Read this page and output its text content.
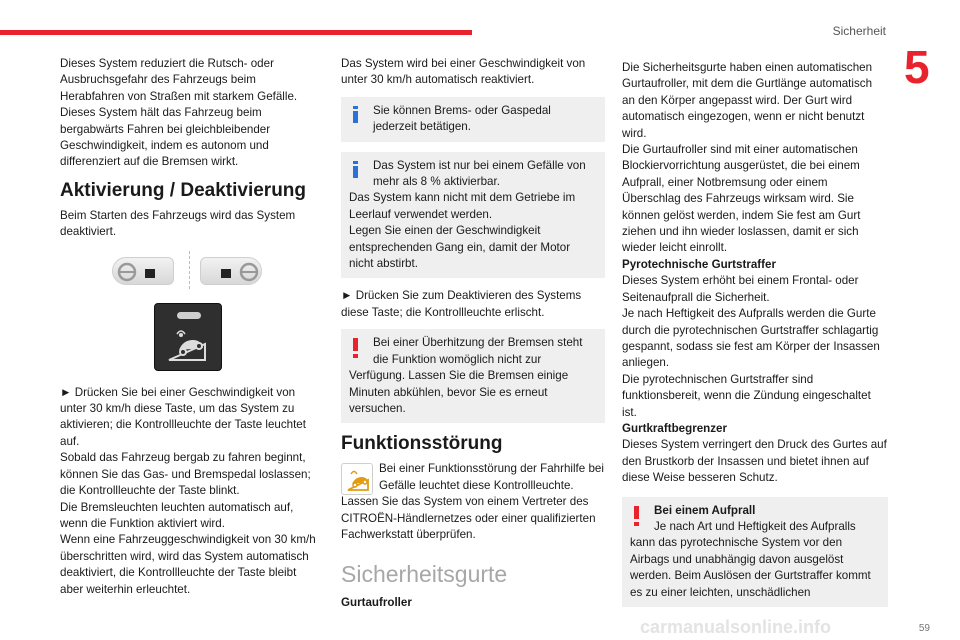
Sicherheit
5

Dieses System reduziert die Rutsch- oder Ausbruchsgefahr des Fahrzeugs beim Herabfahren von Straßen mit starkem Gefälle.

Dieses System hält das Fahrzeug beim bergabwärts Fahren bei gleichbleibender Geschwindigkeit, indem es autonom und differenziert auf die Bremsen wirkt.

Aktivierung / Deaktivierung

Beim Starten des Fahrzeugs wird das System deaktiviert.

► Drücken Sie bei einer Geschwindigkeit von unter 30 km/h diese Taste, um das System zu aktivieren; die Kontrollleuchte der Taste leuchtet auf.

Sobald das Fahrzeug bergab zu fahren beginnt, können Sie das Gas- und Bremspedal loslassen; die Kontrollleuchte der Taste blinkt.

Die Bremsleuchten leuchten automatisch auf, wenn die Funktion aktiviert wird.

Wenn eine Fahrzeuggeschwindigkeit von 30 km/h überschritten wird, wird das System automatisch deaktiviert, die Kontrollleuchte der Taste bleibt aber weiterhin erleuchtet.

Das System wird bei einer Geschwindigkeit von unter 30 km/h automatisch reaktiviert.

Sie können Brems- oder Gaspedal jederzeit betätigen.

Das System ist nur bei einem Gefälle von mehr als 8 % aktivierbar.

Das System kann nicht mit dem Getriebe im Leerlauf verwendet werden.

Legen Sie einen der Geschwindigkeit entsprechenden Gang ein, damit der Motor nicht abstirbt.

► Drücken Sie zum Deaktivieren des Systems diese Taste; die Kontrollleuchte erlischt.

Bei einer Überhitzung der Bremsen steht die Funktion womöglich nicht zur

Verfügung. Lassen Sie die Bremsen einige Minuten abkühlen, bevor Sie es erneut versuchen.

Funktionsstörung

Bei einer Funktionsstörung der Fahrhilfe bei Gefälle leuchtet diese Kontrollleuchte.

Lassen Sie das System von einem Vertreter des CITROËN-Händlernetzes oder einer qualifizierten Fachwerkstatt überprüfen.

Sicherheitsgurte

Gurtaufroller

Die Sicherheitsgurte haben einen automatischen Gurtaufroller, mit dem die Gurtlänge automatisch an den Körper angepasst wird. Der Gurt wird automatisch eingezogen, wenn er nicht benutzt wird.

Die Gurtaufroller sind mit einer automatischen Blockiervorrichtung ausgerüstet, die bei einem Aufprall, einer Notbremsung oder einem Überschlag des Fahrzeugs wirksam wird. Sie können gelöst werden, indem Sie fest am Gurt ziehen und ihn wieder loslassen, damit er sich wieder leicht einrollt.

Pyrotechnische Gurtstraffer

Dieses System erhöht bei einem Frontal- oder Seitenaufprall die Sicherheit.

Je nach Heftigkeit des Aufpralls werden die Gurte durch die pyrotechnischen Gurtstraffer schlagartig gespannt, sodass sie fest am Körper der Insassen anliegen.

Die pyrotechnischen Gurtstraffer sind funktionsbereit, wenn die Zündung eingeschaltet ist.

Gurtkraftbegrenzer

Dieses System verringert den Druck des Gurtes auf den Brustkorb der Insassen und bietet ihnen auf diese Weise besseren Schutz.

Bei einem Aufprall

Je nach Art und Heftigkeit des Aufpralls

kann das pyrotechnische System vor den Airbags und unabhängig davon ausgelöst werden. Beim Auslösen der Gurtstraffer kommt es zu einer leichten, unschädlichen

carmanualsonline.info	59
